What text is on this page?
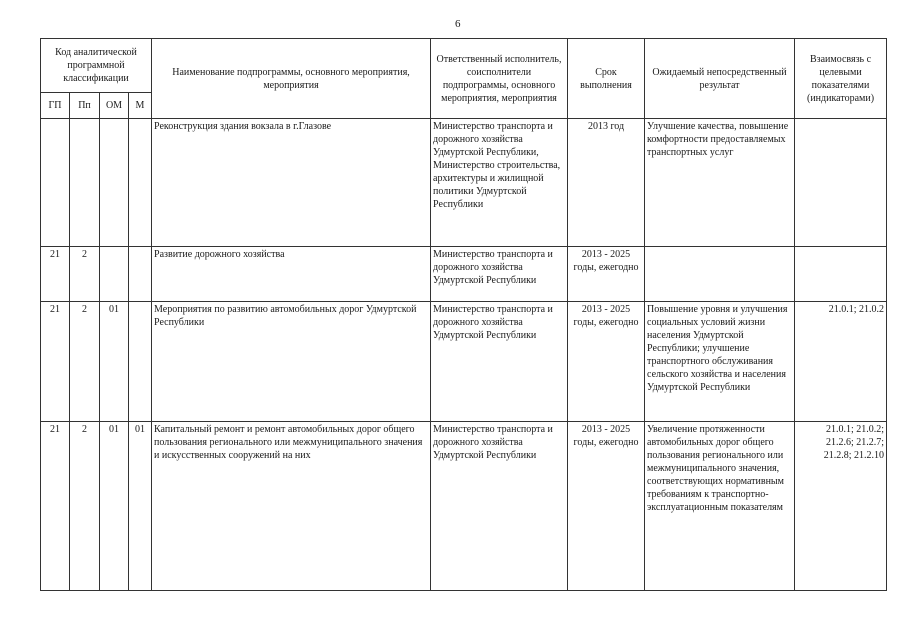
6
Код аналитической программной классификации				Наименование подпрограммы, основного мероприятия, мероприятия	Ответственный исполнитель, соисполнители подпрограммы, основного мероприятия, мероприятия	Срок выполнения	Ожидаемый непосредственный результат	Взаимосвязь с целевыми показателями (индикаторами)
ГП	Пп	ОМ	М					
				Реконструкция здания вокзала в г.Глазове	Министерство транспорта и дорожного хозяйства Удмуртской Республики, Министерство строительства, архитектуры и жилищной политики Удмуртской Республики	2013 год	Улучшение качества, повышение комфортности предоставляемых транспортных услуг	
21	2			Развитие дорожного хозяйства	Министерство транспорта и дорожного хозяйства Удмуртской Республики	2013 - 2025 годы, ежегодно		
21	2	01		Мероприятия по развитию автомобильных дорог Удмуртской Республики	Министерство транспорта и дорожного хозяйства Удмуртской Республики	2013 - 2025 годы, ежегодно	Повышение уровня и улучшения социальных условий жизни населения Удмуртской Республики; улучшение транспортного обслуживания сельского хозяйства и населения Удмуртской Республики	21.0.1; 21.0.2
21	2	01	01	Капитальный ремонт и ремонт автомобильных дорог общего пользования регионального или межмуниципального значения и искусственных сооружений на них	Министерство транспорта и дорожного хозяйства Удмуртской Республики	2013 - 2025 годы, ежегодно	Увеличение протяженности автомобильных дорог общего пользования регионального или межмуниципального значения, соответствующих нормативным требованиям к транспортно-эксплуатационным показателям	21.0.1; 21.0.2; 21.2.6; 21.2.7; 21.2.8; 21.2.10
